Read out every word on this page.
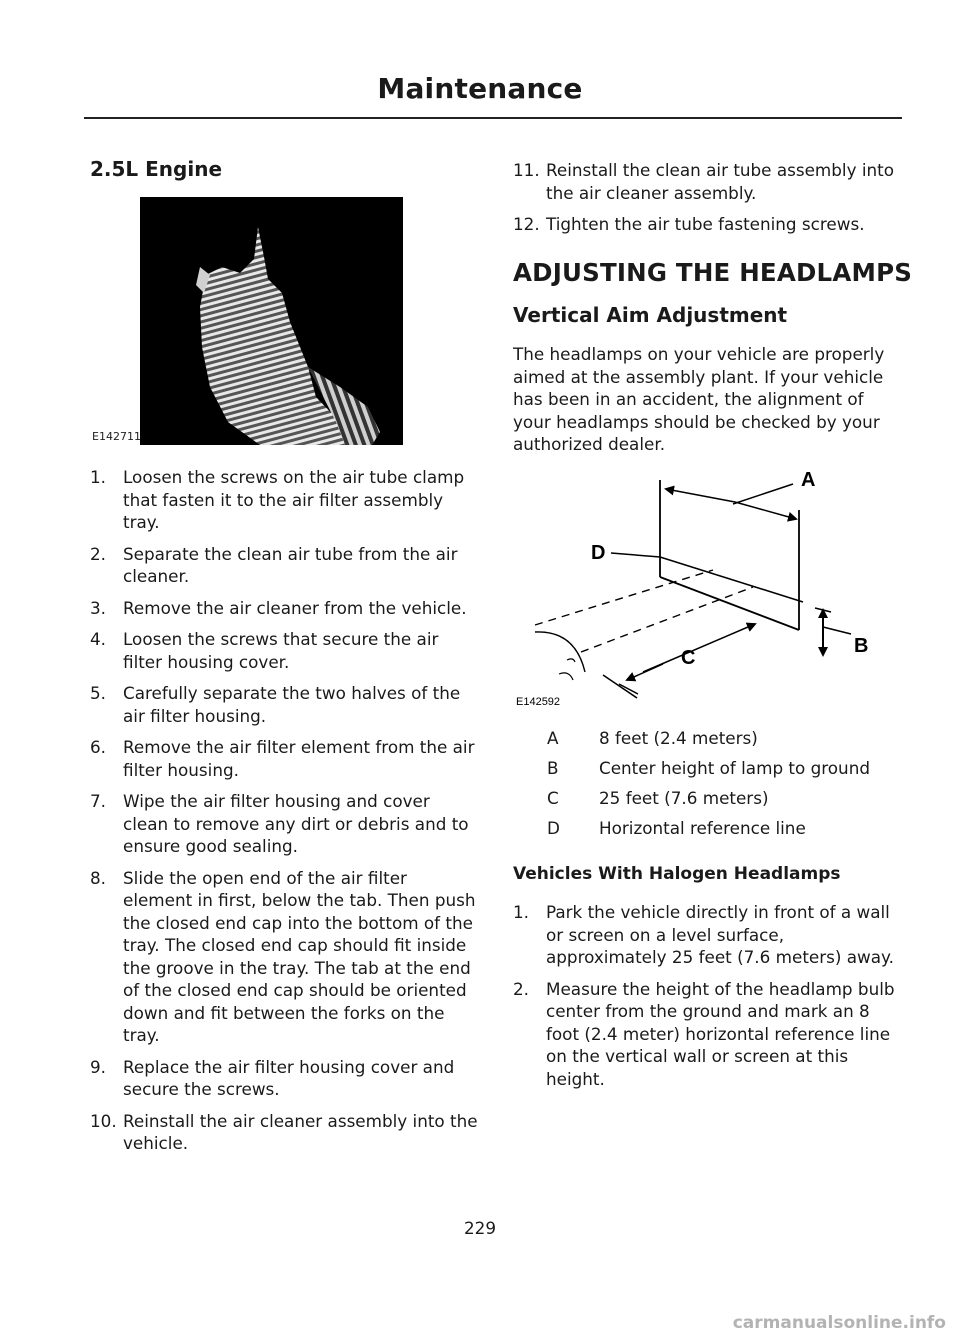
Maintenance
2.5L Engine
E142711
1. Loosen the screws on the air tube clamp that fasten it to the air filter assembly tray.
2. Separate the clean air tube from the air cleaner.
3. Remove the air cleaner from the vehicle.
4. Loosen the screws that secure the air filter housing cover.
5. Carefully separate the two halves of the air filter housing.
6. Remove the air filter element from the air filter housing.
7. Wipe the air filter housing and cover clean to remove any dirt or debris and to ensure good sealing.
8. Slide the open end of the air filter element in first, below the tab. Then push the closed end cap into the bottom of the tray. The closed end cap should fit inside the groove in the tray. The tab at the end of the closed end cap should be oriented down and fit between the forks on the tray.
9. Replace the air filter housing cover and secure the screws.
10. Reinstall the air cleaner assembly into the vehicle.
11. Reinstall the clean air tube assembly into the air cleaner assembly.
12. Tighten the air tube fastening screws.
ADJUSTING THE HEADLAMPS
Vertical Aim Adjustment
The headlamps on your vehicle are properly aimed at the assembly plant. If your vehicle has been in an accident, the alignment of your headlamps should be checked by your authorized dealer.
A
B
C
D
E142592
A	8 feet (2.4 meters)
B	Center height of lamp to ground
C	25 feet (7.6 meters)
D	Horizontal reference line
Vehicles With Halogen Headlamps
1. Park the vehicle directly in front of a wall or screen on a level surface, approximately 25 feet (7.6 meters) away.
2. Measure the height of the headlamp bulb center from the ground and mark an 8 foot (2.4 meter) horizontal reference line on the vertical wall or screen at this height.
229
carmanualsonline.info
